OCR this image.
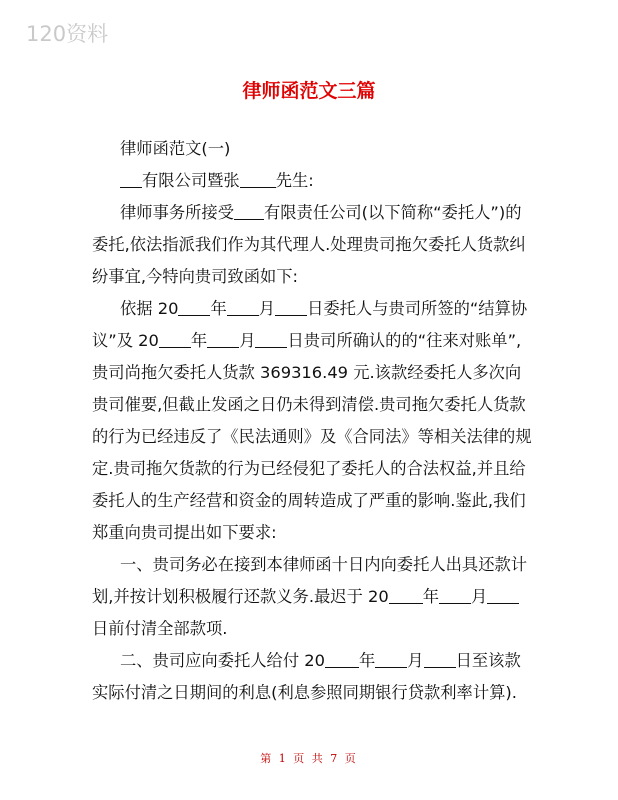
120资料
律师函范文三篇
律师函范文(一)
有限公司暨张 先生:
律师事务所接受 有限责任公司(以下简称“委托人”)的
委托,依法指派我们作为其代理人.处理贵司拖欠委托人货款纠
纷事宜,今特向贵司致函如下:
依据 20 年 月 日委托人与贵司所签的“结算协
议”及 20 年 月 日贵司所确认的的“往来对账单”,
贵司尚拖欠委托人货款 369316.49 元.该款经委托人多次向
贵司催要,但截止发函之日仍未得到清偿.贵司拖欠委托人货款
的行为已经违反了《民法通则》及《合同法》等相关法律的规
定.贵司拖欠货款的行为已经侵犯了委托人的合法权益,并且给
委托人的生产经营和资金的周转造成了严重的影响.鉴此,我们
郑重向贵司提出如下要求:
一、贵司务必在接到本律师函十日内向委托人出具还款计
划,并按计划积极履行还款义务.最迟于 20 年 月
日前付清全部款项.
二、贵司应向委托人给付 20 年 月 日至该款
实际付清之日期间的利息(利息参照同期银行贷款利率计算).
第 1 页 共 7 页
